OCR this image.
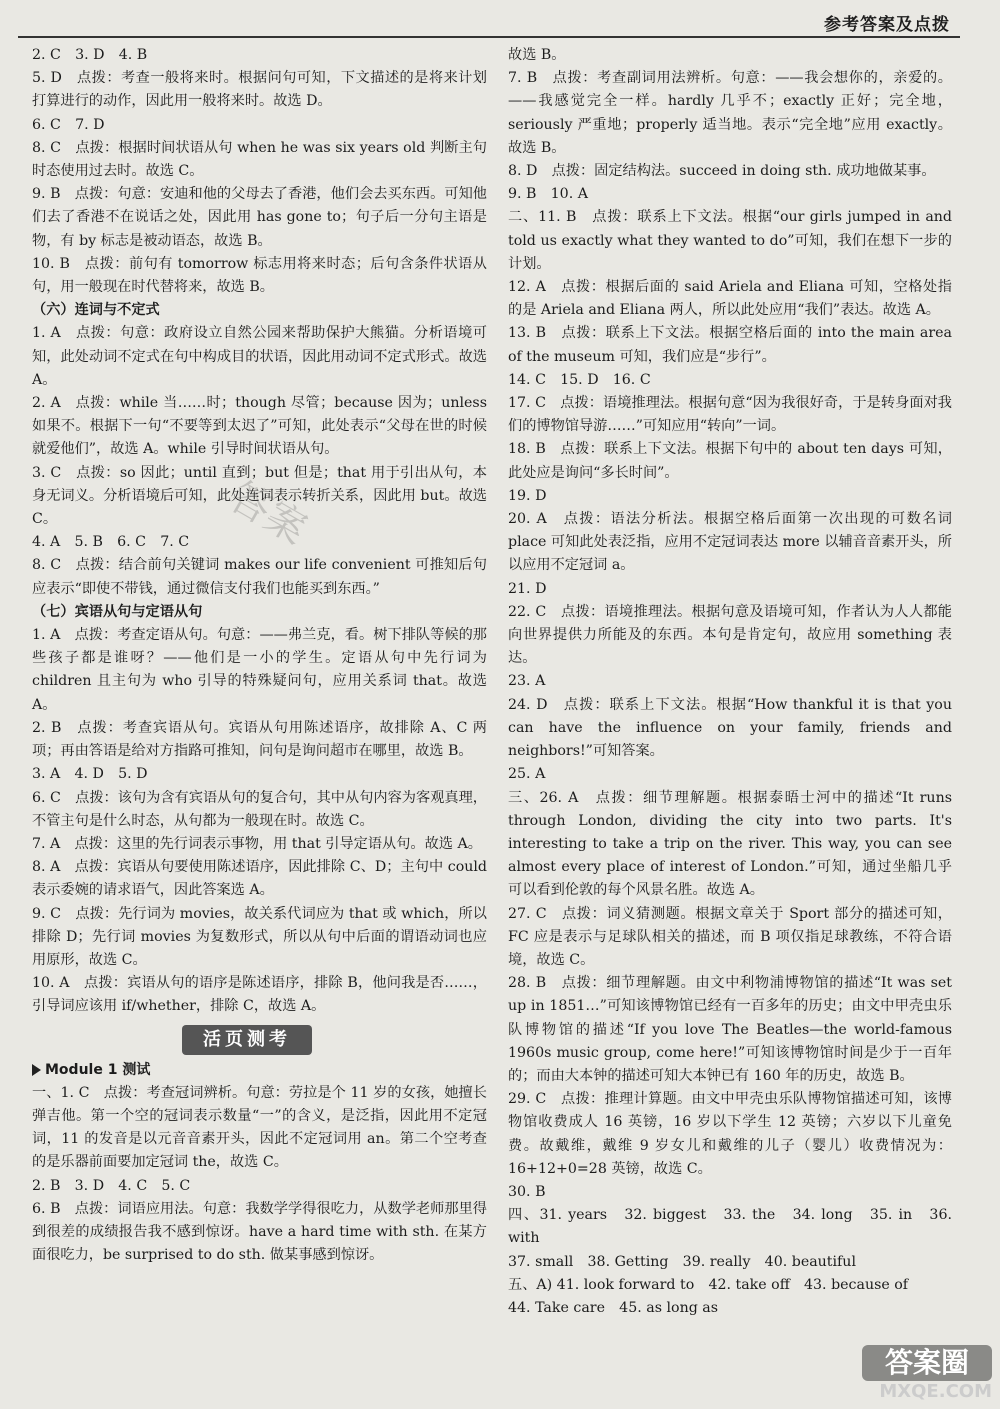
参考答案及点拨

2. C　3. D　4. B

5. D　点拨：考查一般将来时。根据问句可知，下文描述的是将来计划打算进行的动作，因此用一般将来时。故选 D。

6. C　7. D

8. C　点拨：根据时间状语从句 when he was six years old 判断主句时态使用过去时。故选 C。

9. B　点拨：句意：安迪和他的父母去了香港，他们会去买东西。可知他们去了香港不在说话之处，因此用 has gone to；句子后一分句主语是物，有 by 标志是被动语态，故选 B。

10. B　点拨：前句有 tomorrow 标志用将来时态；后句含条件状语从句，用一般现在时代替将来，故选 B。

（六）连词与不定式

1. A　点拨：句意：政府设立自然公园来帮助保护大熊猫。分析语境可知，此处动词不定式在句中构成目的状语，因此用动词不定式形式。故选 A。

2. A　点拨：while 当……时；though 尽管；because 因为；unless 如果不。根据下一句“不要等到太迟了”可知，此处表示“父母在世的时候就爱他们”，故选 A。while 引导时间状语从句。

3. C　点拨：so 因此；until 直到；but 但是；that 用于引出从句，本身无词义。分析语境后可知，此处连词表示转折关系，因此用 but。故选 C。

4. A　5. B　6. C　7. C

8. C　点拨：结合前句关键词 makes our life convenient 可推知后句应表示“即使不带钱，通过微信支付我们也能买到东西。”

（七）宾语从句与定语从句

1. A　点拨：考查定语从句。句意：——弗兰克，看。树下排队等候的那些孩子都是谁呀？——他们是一小的学生。定语从句中先行词为 children 且主句为 who 引导的特殊疑问句，应用关系词 that。故选 A。

2. B　点拨：考查宾语从句。宾语从句用陈述语序，故排除 A、C 两项；再由答语是给对方指路可推知，问句是询问超市在哪里，故选 B。

3. A　4. D　5. D

6. C　点拨：该句为含有宾语从句的复合句，其中从句内容为客观真理，不管主句是什么时态，从句都为一般现在时。故选 C。

7. A　点拨：这里的先行词表示事物，用 that 引导定语从句。故选 A。

8. A　点拨：宾语从句要使用陈述语序，因此排除 C、D；主句中 could 表示委婉的请求语气，因此答案选 A。

9. C　点拨：先行词为 movies，故关系代词应为 that 或 which，所以排除 D；先行词 movies 为复数形式，所以从句中后面的谓语动词也应用原形，故选 C。

10. A　点拨：宾语从句的语序是陈述语序，排除 B，他问我是否……，引导词应该用 if/whether，排除 C，故选 A。

活页测考

Module 1 测试

一、1. C　点拨：考查冠词辨析。句意：劳拉是个 11 岁的女孩，她擅长弹吉他。第一个空的冠词表示数量“一”的含义，是泛指，因此用不定冠词，11 的发音是以元音音素开头，因此不定冠词用 an。第二个空考查的是乐器前面要加定冠词 the，故选 C。

2. B　3. D　4. C　5. C

6. B　点拨：词语应用法。句意：我数学学得很吃力，从数学老师那里得到很差的成绩报告我不感到惊讶。have a hard time with sth. 在某方面很吃力，be surprised to do sth. 做某事感到惊讶。

故选 B。

7. B　点拨：考查副词用法辨析。句意：——我会想你的，亲爱的。——我感觉完全一样。hardly 几乎不；exactly 正好；完全地，seriously 严重地；properly 适当地。表示“完全地”应用 exactly。故选 B。

8. D　点拨：固定结构法。succeed in doing sth. 成功地做某事。

9. B　10. A

二、11. B　点拨：联系上下文法。根据“our girls jumped in and told us exactly what they wanted to do”可知，我们在想下一步的计划。

12. A　点拨：根据后面的 said Ariela and Eliana 可知，空格处指的是 Ariela and Eliana 两人，所以此处应用“我们”表达。故选 A。

13. B　点拨：联系上下文法。根据空格后面的 into the main area of the museum 可知，我们应是“步行”。

14. C　15. D　16. C

17. C　点拨：语境推理法。根据句意“因为我很好奇，于是转身面对我们的博物馆导游……”可知应用“转向”一词。

18. B　点拨：联系上下文法。根据下句中的 about ten days 可知，此处应是询问“多长时间”。

19. D

20. A　点拨：语法分析法。根据空格后面第一次出现的可数名词 place 可知此处表泛指，应用不定冠词表达 more 以辅音音素开头，所以应用不定冠词 a。

21. D

22. C　点拨：语境推理法。根据句意及语境可知，作者认为人人都能向世界提供力所能及的东西。本句是肯定句，故应用 something 表达。

23. A

24. D　点拨：联系上下文法。根据“How thankful it is that you can have the influence on your family, friends and neighbors!”可知答案。

25. A

三、26. A　点拨：细节理解题。根据泰晤士河中的描述“It runs through London, dividing the city into two parts. It's interesting to take a trip on the river. This way, you can see almost every place of interest of London.”可知，通过坐船几乎可以看到伦敦的每个风景名胜。故选 A。

27. C　点拨：词义猜测题。根据文章关于 Sport 部分的描述可知，FC 应是表示与足球队相关的描述，而 B 项仅指足球教练，不符合语境，故选 C。

28. B　点拨：细节理解题。由文中利物浦博物馆的描述“It was set up in 1851…”可知该博物馆已经有一百多年的历史；由文中甲壳虫乐队博物馆的描述“If you love The Beatles—the world-famous 1960s music group, come here!”可知该博物馆时间是少于一百年的；而由大本钟的描述可知大本钟已有 160 年的历史，故选 B。

29. C　点拨：推理计算题。由文中甲壳虫乐队博物馆描述可知，该博物馆收费成人 16 英镑，16 岁以下学生 12 英镑；六岁以下儿童免费。故戴维，戴维 9 岁女儿和戴维的儿子（婴儿）收费情况为：16+12+0=28 英镑，故选 C。

30. B

四、31. years　32. biggest　33. the　34. long　35. in　36. with

37. small　38. Getting　39. really　40. beautiful

五、A) 41. look forward to　42. take off　43. because of

44. Take care　45. as long as

答案
答案圈
MXQE.COM
